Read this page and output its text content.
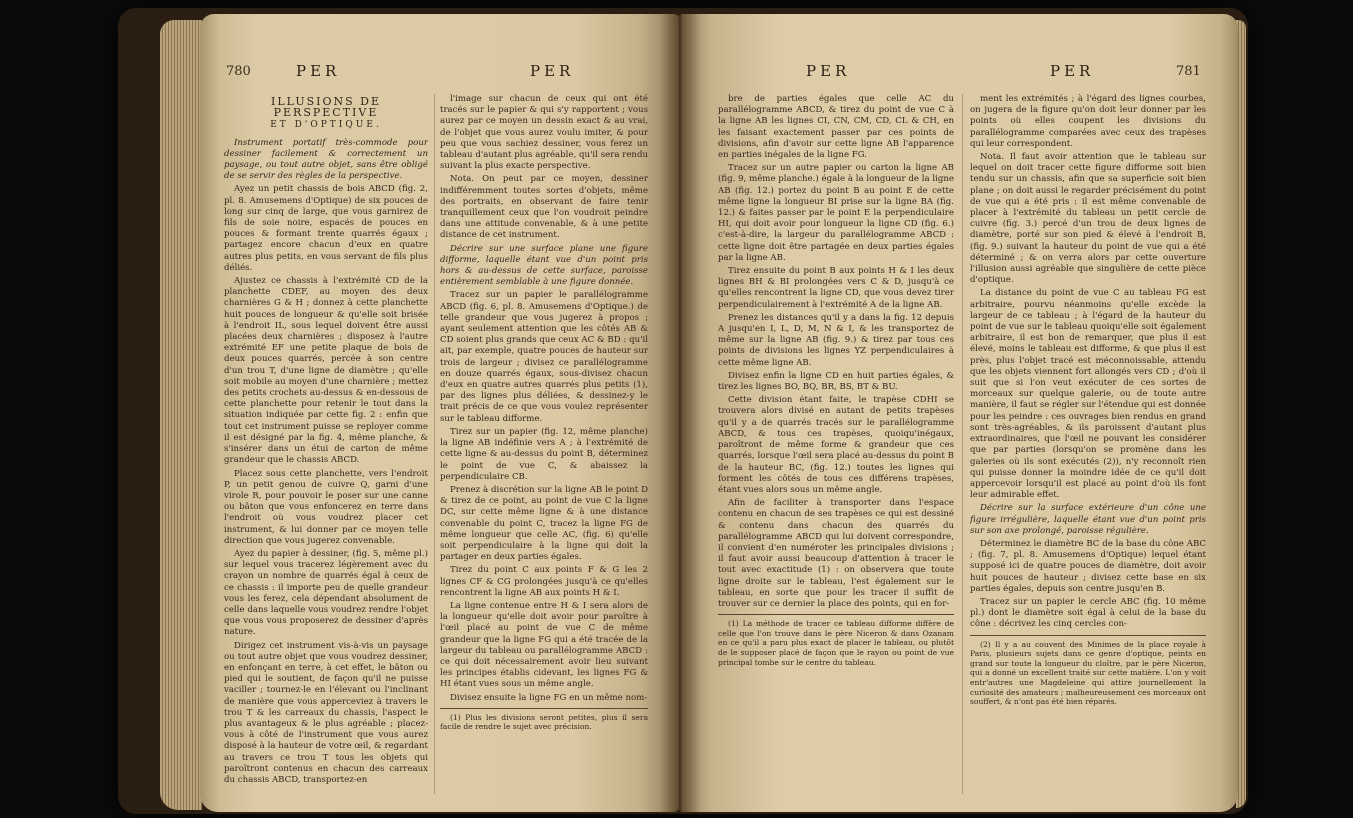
780	PER	PER
ILLUSIONS DE PERSPECTIVE
ET D'OPTIQUE.

Instrument portatif très-commode pour dessiner facilement & correctement un paysage, ou tout autre objet, sans être obligé de se servir des règles de la perspective.

Ayez un petit chassis de bois ABCD (fig. 2, pl. 8. Amusemens d'Optique) de six pouces de long sur cinq de large, que vous garnirez de fils de soie noire, espacés de pouces en pouces & formant trente quarrés égaux ; partagez encore chacun d'eux en quatre autres plus petits, en vous servant de fils plus déliés.

Ajustez ce chassis à l'extrémité CD de la planchette CDEF, au moyen des deux charnières G & H ; donnez à cette planchette huit pouces de longueur & qu'elle soit brisée à l'endroit IL, sous lequel doivent être aussi placées deux charnières ; disposez à l'autre extrémité EF une petite plaque de bois de deux pouces quarrés, percée à son centre d'un trou T, d'une ligne de diamètre ; qu'elle soit mobile au moyen d'une charnière ; mettez des petits crochets au-dessus & en-dessous de cette planchette pour retenir le tout dans la situation indiquée par cette fig. 2 : enfin que tout cet instrument puisse se reployer comme il est désigné par la fig. 4, même planche, & s'insérer dans un étui de carton de même grandeur que le chassis ABCD.

Placez sous cette planchette, vers l'endroit P, un petit genou de cuivre Q, garni d'une virole R, pour pouvoir le poser sur une canne ou bâton que vous enfoncerez en terre dans l'endroit où vous voudrez placer cet instrument, & lui donner par ce moyen telle direction que vous jugerez convenable.

Ayez du papier à dessiner, (fig. 5, même pl.) sur lequel vous tracerez légèrement avec du crayon un nombre de quarrés égal à ceux de ce chassis : il importe peu de quelle grandeur vous les ferez, cela dépendant absolument de celle dans laquelle vous voudrez rendre l'objet que vous vous proposerez de dessiner d'après nature.

Dirigez cet instrument vis-à-vis un paysage ou tout autre objet que vous voudrez dessiner, en enfonçant en terre, à cet effet, le bâton ou pied qui le soutient, de façon qu'il ne puisse vaciller ; tournez-le en l'élevant ou l'inclinant de manière que vous apperceviez à travers le trou T & les carreaux du chassis, l'aspect le plus avantageux & le plus agréable ; placez-vous à côté de l'instrument que vous aurez disposé à la hauteur de votre œil, & regardant au travers ce trou T tous les objets qui paroîtront contenus en chacun des carreaux du chassis ABCD, transportez-en

l'image sur chacun de ceux qui ont été tracés sur le papier & qui s'y rapportent ; vous aurez par ce moyen un dessin exact & au vrai, de l'objet que vous aurez voulu imiter, & pour peu que vous sachiez dessiner, vous ferez un tableau d'autant plus agréable, qu'il sera rendu suivant la plus exacte perspective.

Nota. On peut par ce moyen, dessiner indifféremment toutes sortes d'objets, même des portraits, en observant de faire tenir tranquillement ceux que l'on voudroit peindre dans une attitude convenable, & à une petite distance de cet instrument.

Décrire sur une surface plane une figure difforme, laquelle étant vue d'un point pris hors & au-dessus de cette surface, paroisse entièrement semblable à une figure donnée.

Tracez sur un papier le parallélogramme ABCD (fig. 6, pl. 8. Amusemens d'Optique.) de telle grandeur que vous jugerez à propos ; ayant seulement attention que les côtés AB & CD soient plus grands que ceux AC & BD : qu'il ait, par exemple, quatre pouces de hauteur sur trois de largeur ; divisez ce parallélogramme en douze quarrés égaux, sous-divisez chacun d'eux en quatre autres quarrés plus petits (1), par des lignes plus déliées, & dessinez-y le trait précis de ce que vous voulez représenter sur le tableau difforme.

Tirez sur un papier (fig. 12, même planche) la ligne AB indéfinie vers A ; à l'extrémité de cette ligne & au-dessus du point B, déterminez le point de vue C, & abaissez la perpendiculaire CB.

Prenez à discrétion sur la ligne AB le point D & tirez de ce point, au point de vue C la ligne DC, sur cette même ligne & à une distance convenable du point C, tracez la ligne FG de même longueur que celle AC, (fig. 6) qu'elle soit perpendiculaire à la ligne qui doit la partager en deux parties égales.

Tirez du point C aux points F & G les 2 lignes CF & CG prolongées jusqu'à ce qu'elles rencontrent la ligne AB aux points H & I.

La ligne contenue entre H & I sera alors de la longueur qu'elle doit avoir pour paroître à l'œil placé au point de vue C de même grandeur que la ligne FG qui a été tracée de la largeur du tableau ou parallélogramme ABCD : ce qui doit nécessairement avoir lieu suivant les principes établis cidevant, les lignes FG & HI étant vues sous un même angle.

Divisez ensuite la ligne FG en un même nom-

(1) Plus les divisions seront petites, plus il sera facile de rendre le sujet avec précision.

PER	PER	781

bre de parties égales que celle AC du parallélogramme ABCD, & tirez du point de vue C à la ligne AB les lignes CI, CN, CM, CD, CL & CH, en les faisant exactement passer par ces points de divisions, afin d'avoir sur cette ligne AB l'apparence en parties inégales de la ligne FG.

Tracez sur un autre papier ou carton la ligne AB (fig. 9, même planche.) égale à la longueur de la ligne AB (fig. 12.) portez du point B au point E de cette même ligne la longueur BI prise sur la ligne BA (fig. 12.) & faites passer par le point E la perpendiculaire HI, qui doit avoir pour longueur la ligne CD (fig. 6.) c'est-à-dire, la largeur du parallélogramme ABCD : cette ligne doit être partagée en deux parties égales par la ligne AB.

Tirez ensuite du point B aux points H & I les deux lignes BH & BI prolongées vers C & D, jusqu'à ce qu'elles rencontrent la ligne CD, que vous devez tirer perpendiculairement à l'extrémité A de la ligne AB.

Prenez les distances qu'il y a dans la fig. 12 depuis A jusqu'en I, L, D, M, N & I, & les transportez de même sur la ligne AB (fig. 9.) & tirez par tous ces points de divisions les lignes YZ perpendiculaires à cette même ligne AB.

Divisez enfin la ligne CD en huit parties égales, & tirez les lignes BO, BQ, BR, BS, BT & BU.

Cette division étant faite, le trapèse CDHI se trouvera alors divisé en autant de petits trapèses qu'il y a de quarrés tracés sur le parallélogramme ABCD, & tous ces trapèses, quoiqu'inégaux, paroîtront de même forme & grandeur que ces quarrés, lorsque l'œil sera placé au-dessus du point B de la hauteur BC, (fig. 12.) toutes les lignes qui forment les côtés de tous ces différens trapèses, étant vues alors sous un même angle.

Afin de faciliter à transporter dans l'espace contenu en chacun de ses trapèses ce qui est dessiné & contenu dans chacun des quarrés du parallélogramme ABCD qui lui doivent correspondre, il convient d'en numéroter les principales divisions ; il faut avoir aussi beaucoup d'attention à tracer le tout avec exactitude (1) : on observera que toute ligne droite sur le tableau, l'est également sur le tableau, en sorte que pour les tracer il suffit de trouver sur ce dernier la place des points, qui en for-

(1) La méthode de tracer ce tableau difforme diffère de celle que l'on trouve dans le père Niceron & dans Ozanam en ce qu'il a paru plus exact de placer le tableau, ou plutôt de le supposer placé de façon que le rayon ou point de vue principal tombe sur le centre du tableau.

ment les extrémités ; à l'égard des lignes courbes, on jugera de la figure qu'on doit leur donner par les points où elles coupent les divisions du parallélogramme comparées avec ceux des trapèses qui leur correspondent.

Nota. Il faut avoir attention que le tableau sur lequel on doit tracer cette figure difforme soit bien tendu sur un chassis, afin que sa superficie soit bien plane ; on doit aussi le regarder précisément du point de vue qui a été pris : il est même convenable de placer à l'extrémité du tableau un petit cercle de cuivre (fig. 3.) percé d'un trou de deux lignes de diamètre, porté sur son pied & élevé à l'endroit B, (fig. 9.) suivant la hauteur du point de vue qui a été déterminé ; & on verra alors par cette ouverture l'illusion aussi agréable que singulière de cette pièce d'optique.

La distance du point de vue C au tableau FG est arbitraire, pourvu néanmoins qu'elle excède la largeur de ce tableau ; à l'égard de la hauteur du point de vue sur le tableau quoiqu'elle soit également arbitraire, il est bon de remarquer, que plus il est élevé, moins le tableau est difforme, & que plus il est près, plus l'objet tracé est méconnoissable, attendu que les objets viennent fort allongés vers CD ; d'où il suit que si l'on veut exécuter de ces sortes de morceaux sur quelque galerie, ou de toute autre manière, il faut se régler sur l'étendue qui est donnée pour les peindre : ces ouvrages bien rendus en grand sont très-agréables, & ils paroissent d'autant plus extraordinaires, que l'œil ne pouvant les considérer que par parties (lorsqu'on se promène dans les galeries où ils sont exécutés (2)), n'y reconnoît rien qui puisse donner la moindre idée de ce qu'il doit appercevoir lorsqu'il est placé au point d'où ils font leur admirable effet.

Décrire sur la surface extérieure d'un cône une figure irrégulière, laquelle étant vue d'un point pris sur son axe prolongé, paroisse régulière.

Déterminez le diamètre BC de la base du cône ABC ; (fig. 7, pl. 8. Amusemens d'Optique) lequel étant supposé ici de quatre pouces de diamètre, doit avoir huit pouces de hauteur ; divisez cette base en six parties égales, depuis son centre jusqu'en B.

Tracez sur un papier le cercle ABC (fig. 10 même pl.) dont le diamètre soit égal à celui de la base du cône : décrivez les cinq cercles con-

(2) Il y a au couvent des Minimes de la place royale à Paris, plusieurs sujets dans ce genre d'optique, peints en grand sur toute la longueur du cloître, par le père Niceron, qui a donné un excellent traité sur cette matière. L'on y voit entr'autres une Magdeleine qui attire journellement la curiosité des amateurs ; malheureusement ces morceaux ont souffert, & n'ont pas été bien réparés.
